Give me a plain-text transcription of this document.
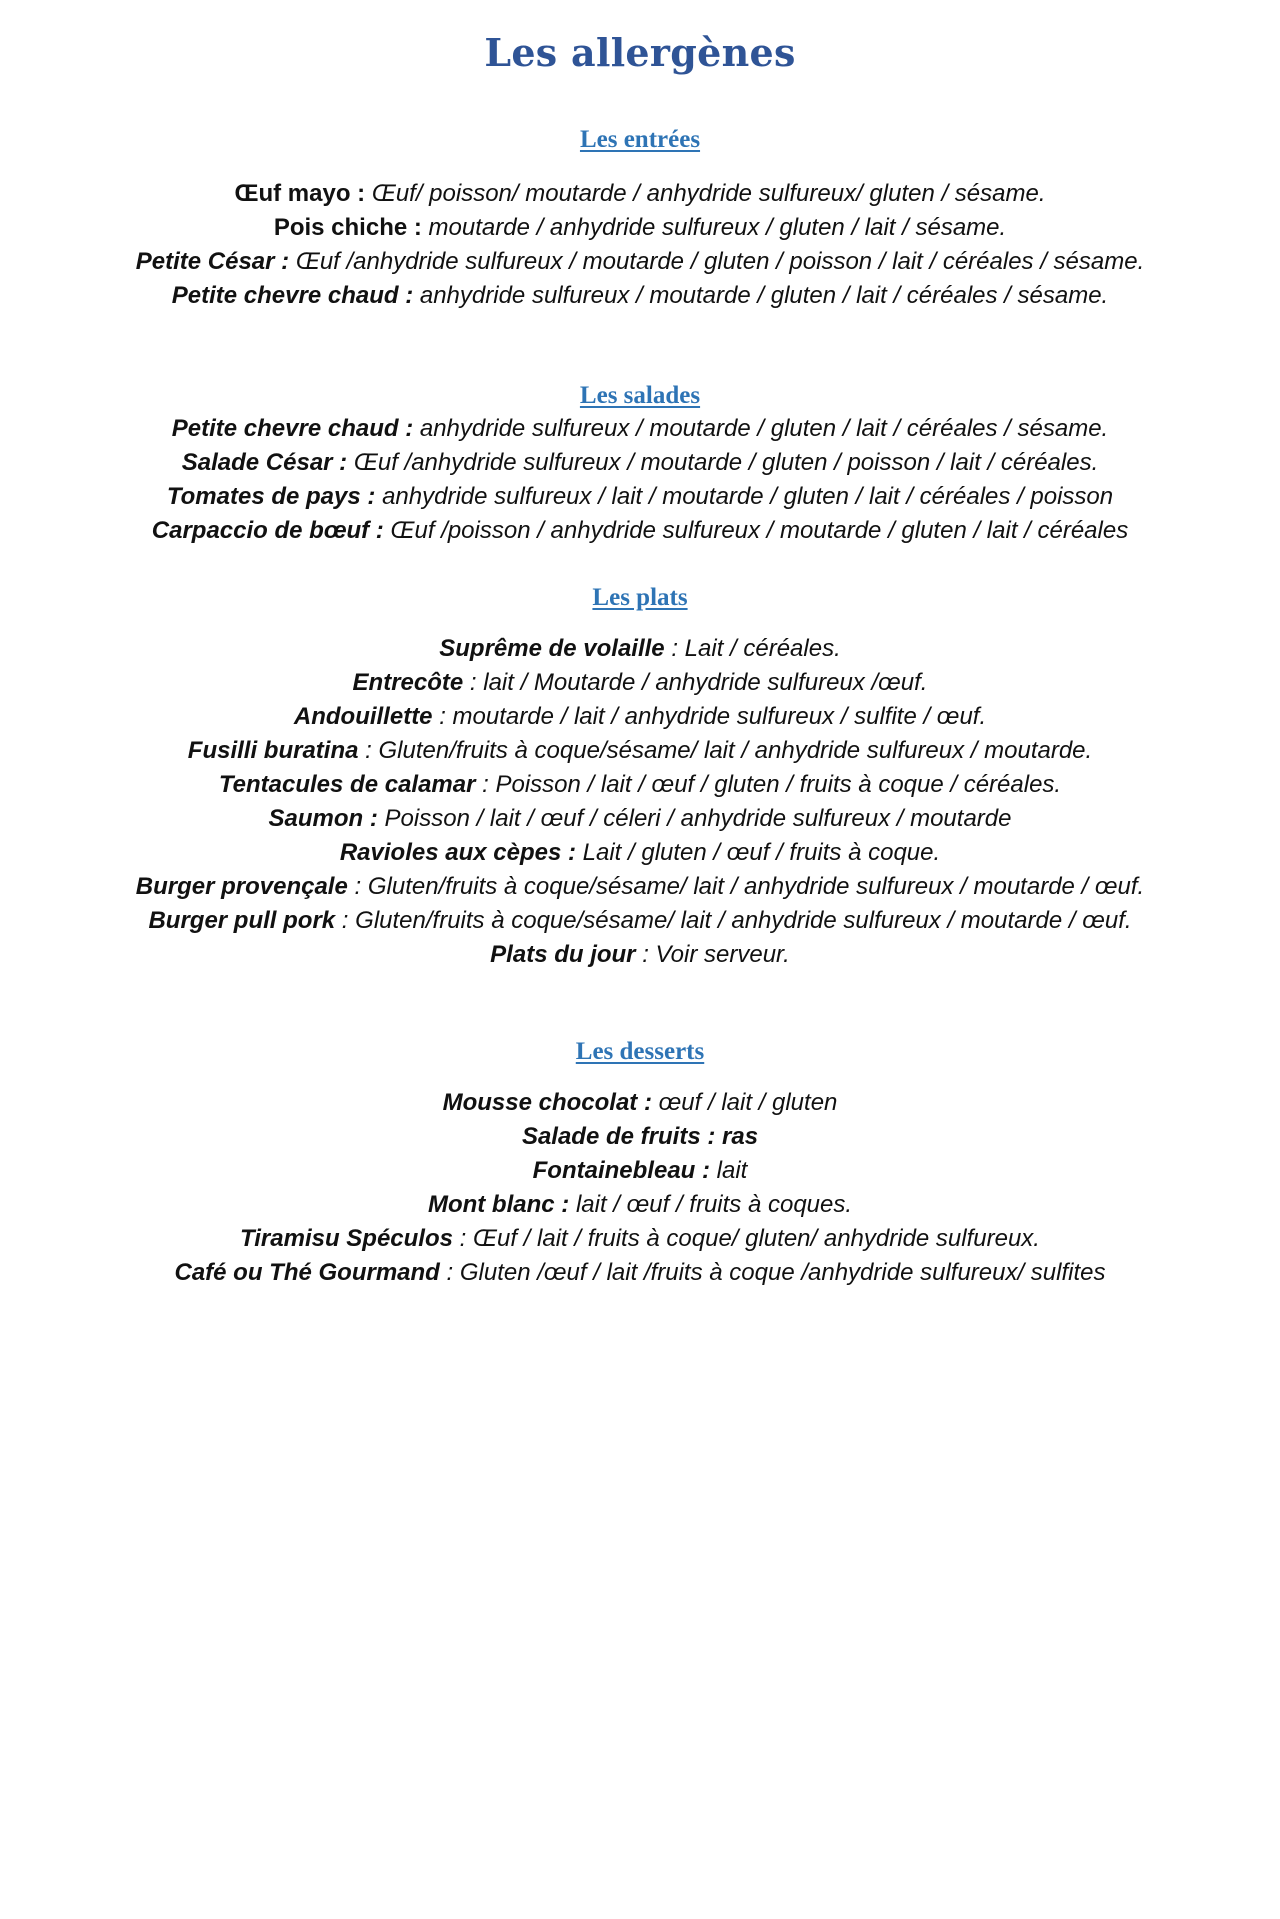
Les allergènes
Les entrées
Œuf mayo : Œuf/ poisson/ moutarde / anhydride sulfureux/ gluten / sésame.
Pois chiche : moutarde / anhydride sulfureux / gluten / lait / sésame.
Petite César : Œuf /anhydride sulfureux / moutarde / gluten / poisson / lait / céréales / sésame.
Petite chevre chaud : anhydride sulfureux / moutarde / gluten / lait / céréales / sésame.
Les salades
Petite chevre chaud : anhydride sulfureux / moutarde / gluten / lait / céréales / sésame.
Salade César : Œuf /anhydride sulfureux / moutarde / gluten / poisson / lait / céréales.
Tomates de pays : anhydride sulfureux / lait / moutarde / gluten / lait / céréales / poisson
Carpaccio de bœuf : Œuf /poisson / anhydride sulfureux / moutarde / gluten / lait / céréales
Les plats
Suprême de volaille : Lait / céréales.
Entrecôte : lait / Moutarde / anhydride sulfureux /œuf.
Andouillette : moutarde / lait / anhydride sulfureux / sulfite / œuf.
Fusilli buratina : Gluten/fruits à coque/sésame/ lait / anhydride sulfureux / moutarde.
Tentacules de calamar : Poisson / lait / œuf / gluten / fruits à coque / céréales.
Saumon : Poisson / lait / œuf / céleri / anhydride sulfureux / moutarde
Ravioles aux cèpes : Lait / gluten / œuf / fruits à coque.
Burger provençale : Gluten/fruits à coque/sésame/ lait / anhydride sulfureux / moutarde / œuf.
Burger pull pork : Gluten/fruits à coque/sésame/ lait / anhydride sulfureux / moutarde / œuf.
Plats du jour : Voir serveur.
Les desserts
Mousse chocolat : œuf / lait / gluten
Salade de fruits : ras
Fontainebleau : lait
Mont blanc : lait / œuf / fruits à coques.
Tiramisu Spéculos : Œuf / lait / fruits à coque/ gluten/ anhydride sulfureux.
Café ou Thé Gourmand : Gluten /œuf / lait /fruits à coque /anhydride sulfureux/ sulfites
